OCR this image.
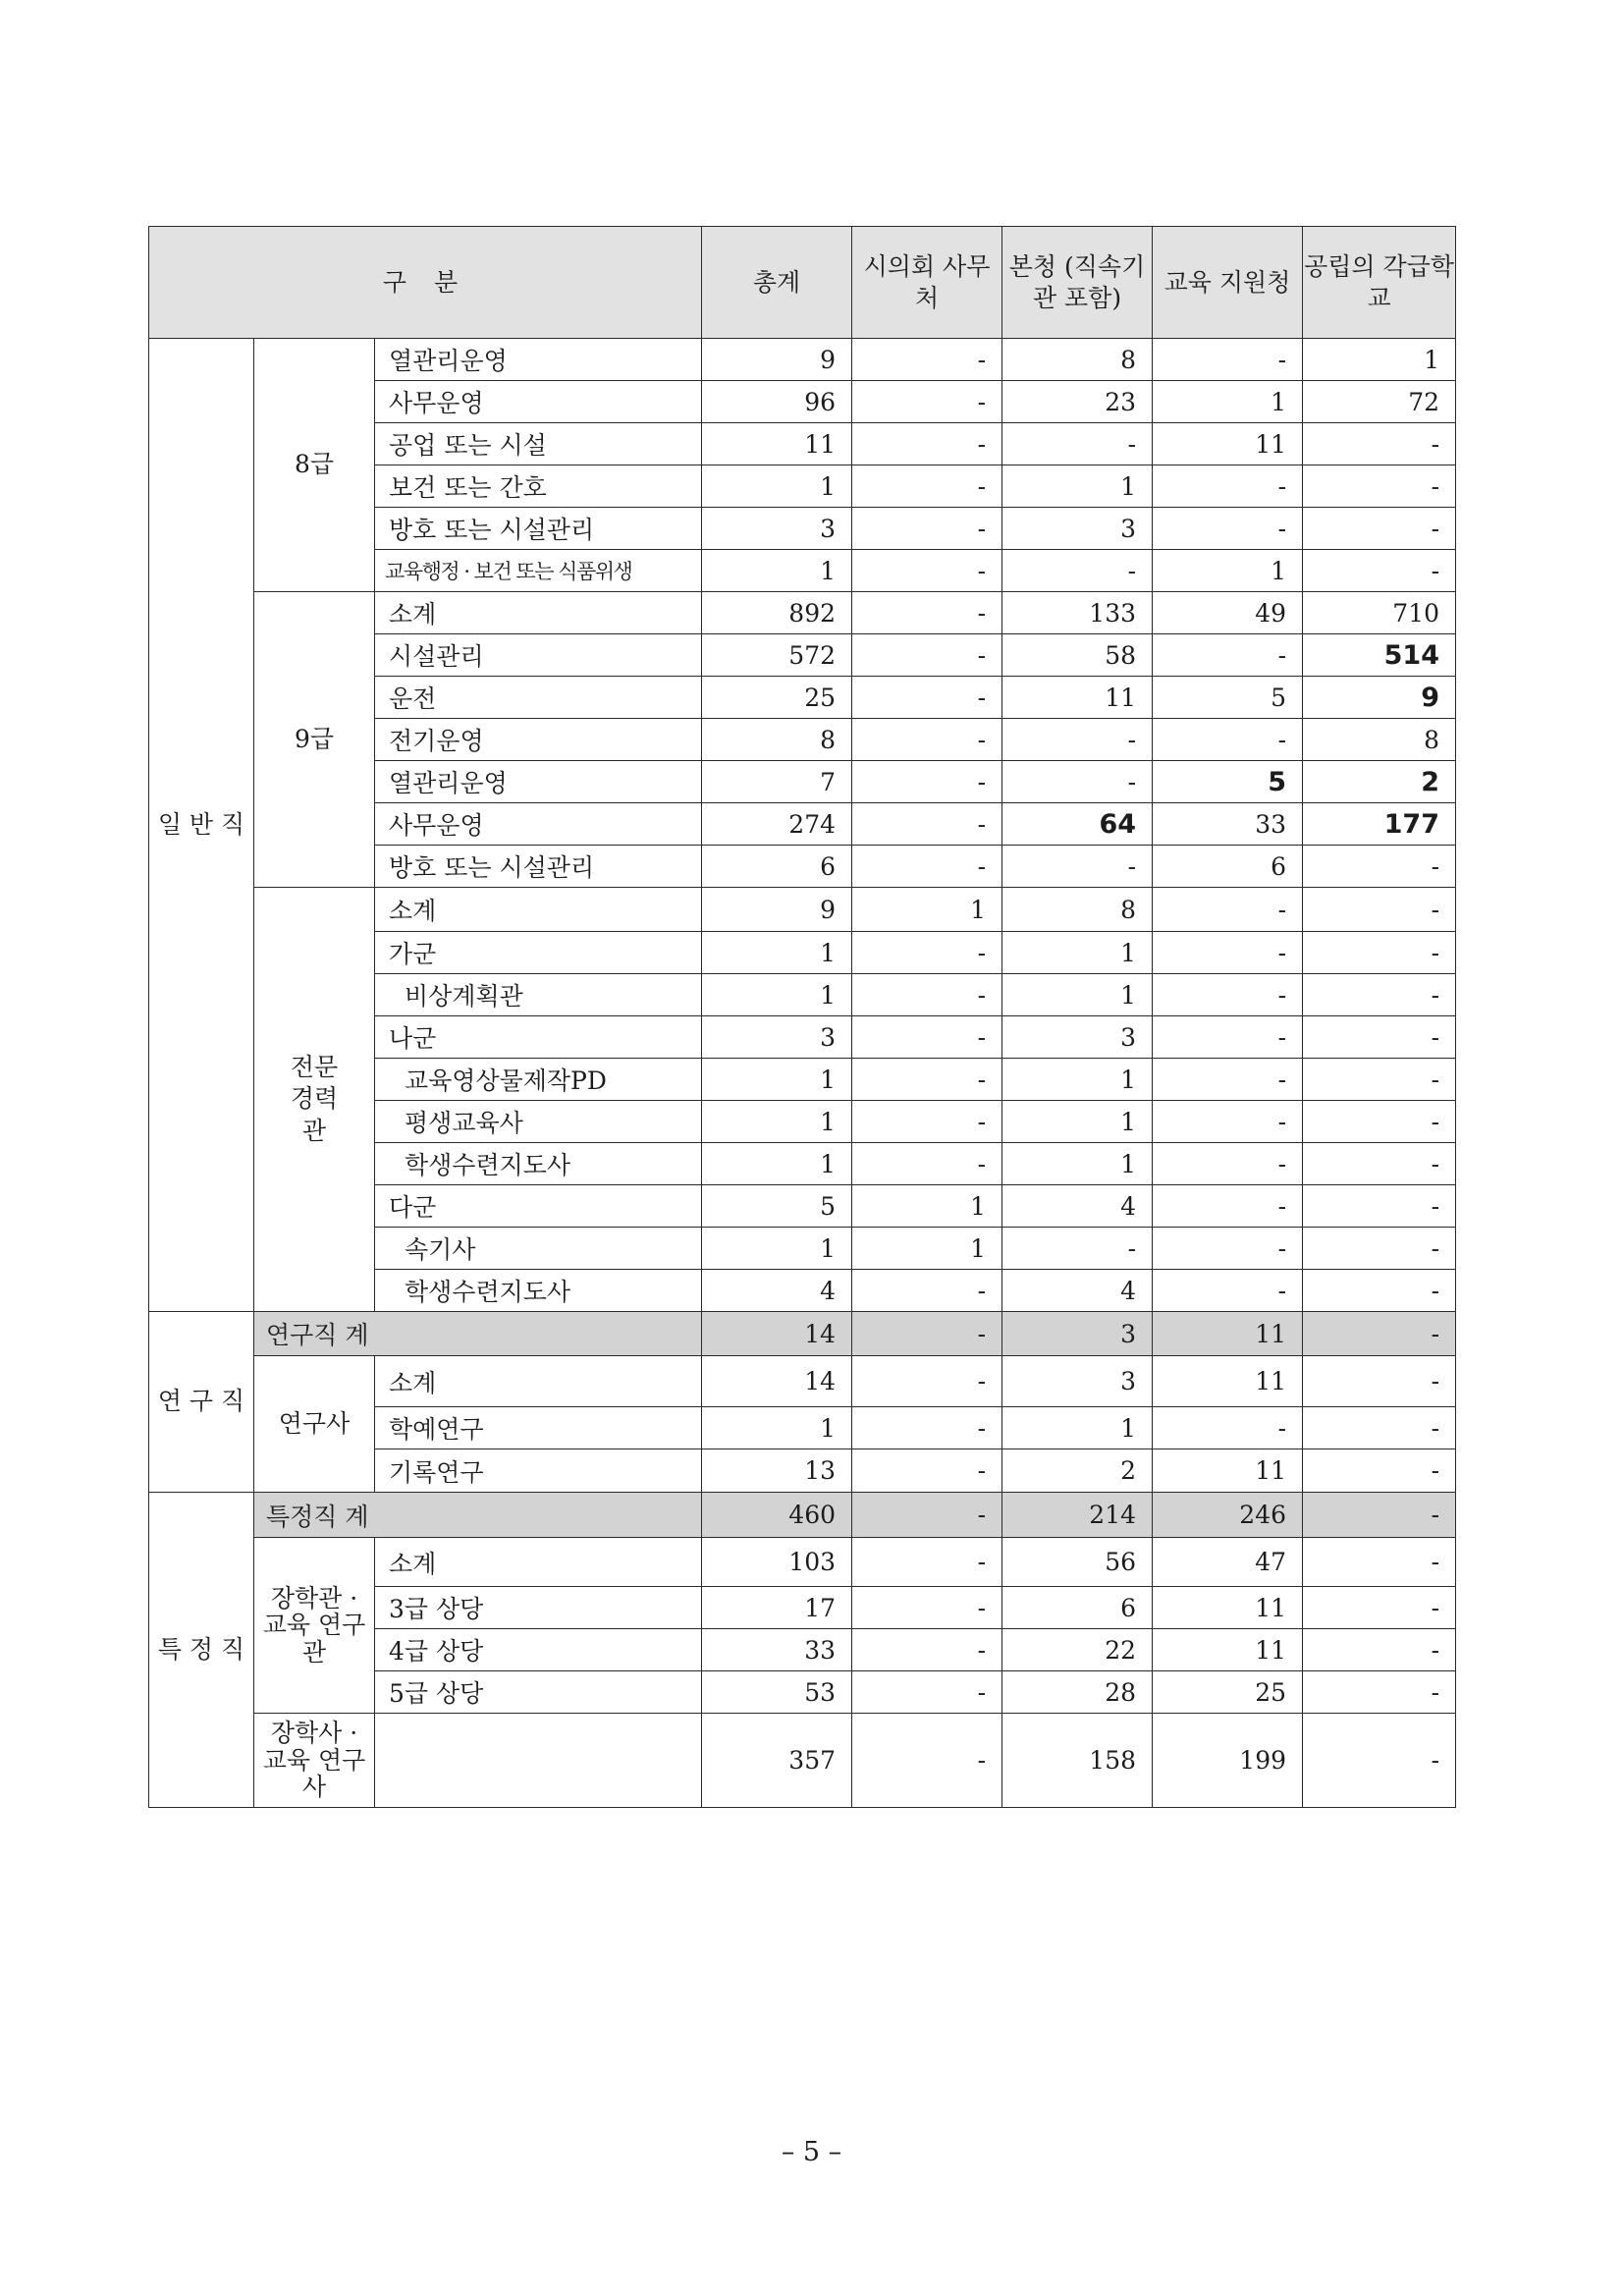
구 분			총계	시의회 사무처	본청 (직속기관 포함)	교육 지원청	공립의 각급학교
일 반 직	8급	열관리운영	9	-	8	-	1
		사무운영	96	-	23	1	72
		공업 또는 시설	11	-	-	11	-
		보건 또는 간호	1	-	1	-	-
		방호 또는 시설관리	3	-	3	-	-
		교육행정 · 보건 또는 식품위생	1	-	-	1	-
	9급	소계	892	-	133	49	710
		시설관리	572	-	58	-	514
		운전	25	-	11	5	9
		전기운영	8	-	-	-	8
		열관리운영	7	-	-	5	2
		사무운영	274	-	64	33	177
		방호 또는 시설관리	6	-	-	6	-
	전문 경력 관	소계	9	1	8	-	-
		가군	1	-	1	-	-
		비상계획관	1	-	1	-	-
		나군	3	-	3	-	-
		교육영상물제작PD	1	-	1	-	-
		평생교육사	1	-	1	-	-
		학생수련지도사	1	-	1	-	-
		다군	5	1	4	-	-
		속기사	1	1	-	-	-
		학생수련지도사	4	-	4	-	-
연 구 직	연구직 계		14	-	3	11	-
	연구사	소계	14	-	3	11	-
		학예연구	1	-	1	-	-
		기록연구	13	-	2	11	-
특 정 직	특정직 계		460	-	214	246	-
	장학관 · 교육 연구관	소계	103	-	56	47	-
		3급 상당	17	-	6	11	-
		4급 상당	33	-	22	11	-
		5급 상당	53	-	28	25	-
	장학사 · 교육 연구사		357	-	158	199	-
– 5 –
